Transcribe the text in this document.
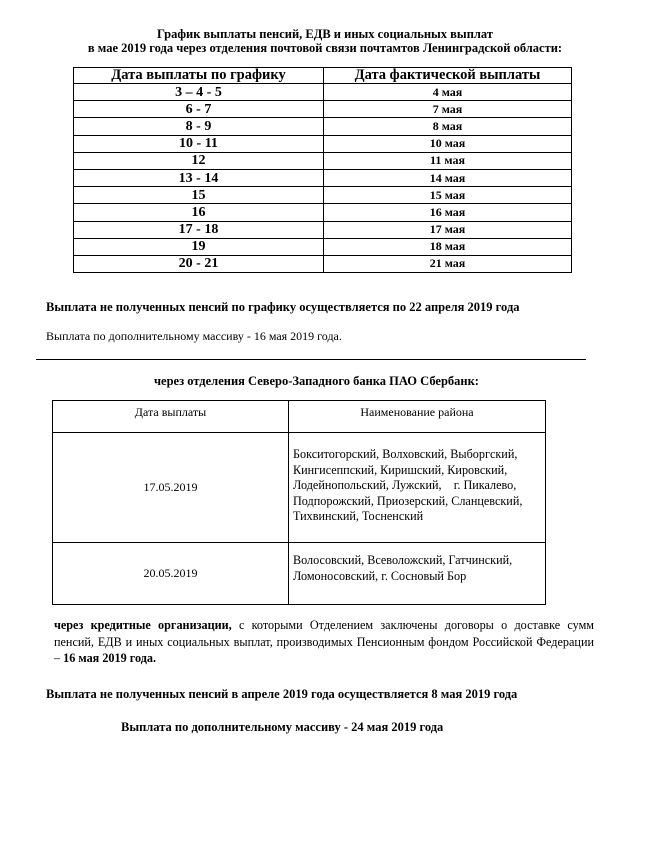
График выплаты пенсий, ЕДВ и иных социальных выплат
в мае 2019 года через отделения почтовой связи почтамтов Ленинградской области:
Дата выплаты по графику	Дата фактической выплаты
3 – 4 - 5	4 мая
6 - 7	7 мая
8 - 9	8 мая
10 - 11	10 мая
12	11 мая
13 - 14	14 мая
15	15 мая
16	16 мая
17 - 18	17 мая
19	18 мая
20 - 21	21 мая
Выплата не полученных пенсий по графику осуществляется по 22 апреля 2019 года
Выплата по дополнительному массиву - 16 мая 2019 года.
через отделения Северо-Западного банка ПАО Сбербанк:
Дата выплаты	Наименование района
17.05.2019	Бокситогорский, Волховский, Выборгский,
Кингисеппский, Киришский, Кировский,
Лодейнопольский, Лужский,    г. Пикалево,
Подпорожский, Приозерский, Сланцевский,
Тихвинский, Тосненский

20.05.2019	Волосовский, Всеволожский, Гатчинский,
Ломоносовский, г. Сосновый Бор
через кредитные организации, с которыми Отделением заключены договоры о доставке сумм пенсий, ЕДВ и иных социальных выплат, производимых Пенсионным фондом Российской Федерации – 16 мая 2019 года.
Выплата не полученных пенсий в апреле 2019 года осуществляется 8 мая 2019 года
Выплата по дополнительному массиву - 24 мая 2019 года
